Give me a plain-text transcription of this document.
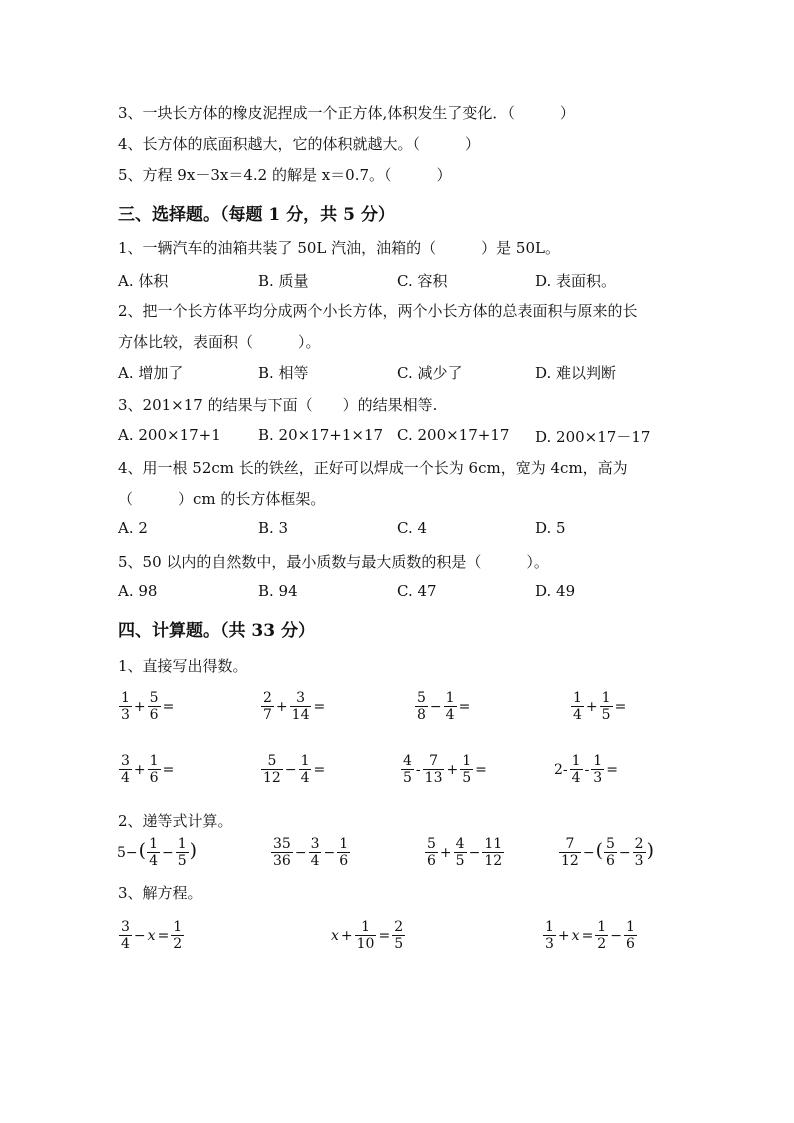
3、一块长方体的橡皮泥捏成一个正方体,体积发生了变化．（　　　）
4、长方体的底面积越大，它的体积就越大。（　　　）
5、方程 9x－3x＝4.2 的解是 x＝0.7。（　　　）
三、选择题。（每题 1 分，共 5 分）
1、一辆汽车的油箱共装了 50L 汽油，油箱的（　　　）是 50L。
A. 体积	B. 质量	C. 容积	D. 表面积。
2、把一个长方体平均分成两个小长方体，两个小长方体的总表面积与原来的长
方体比较，表面积（　　　）。
A. 增加了	B. 相等	C. 减少了	D. 难以判断
3、201×17 的结果与下面（　　）的结果相等.
A. 200×17+1 B. 20×17+1×17 C. 200×17+17 D. 200×17－17
4、用一根 52cm 长的铁丝，正好可以焊成一个长为 6cm，宽为 4cm，高为
（　　　）cm 的长方体框架。
A. 2	B. 3	C. 4	D. 5
5、50 以内的自然数中，最小质数与最大质数的积是（　　　）。
A. 98	B. 94	C. 47	D. 49
四、计算题。（共 33 分）
1、直接写出得数。
$\frac{1}{3} + \frac{5}{6}$ =	$\frac{2}{7} + \frac{3}{14}$ =	$\frac{5}{8} - \frac{1}{4}$ =	$\frac{1}{4} + \frac{1}{5}$ =
$\frac{3}{4} + \frac{1}{6}$ =	$\frac{5}{12} - \frac{1}{4}$ =	$\frac{4}{5} - \frac{7}{13} + \frac{1}{5}$ =	$2- \frac{1}{4} - \frac{1}{3}$ =
2、递等式计算。
$5-( \frac{1}{4} - \frac{1}{5}$ )	$\frac{35}{36} - \frac{3}{4} - \frac{1}{6}$	$\frac{5}{6} + \frac{4}{5} - \frac{11}{12}$	$\frac{7}{12}$ −( $\frac{5}{6} - \frac{2}{3}$ )
3、解方程。
$\frac{3}{4} - x = \frac{1}{2}$	$x + \frac{1}{10} = \frac{2}{5}$	$\frac{1}{3} + x = \frac{1}{2} - \frac{1}{6}$
